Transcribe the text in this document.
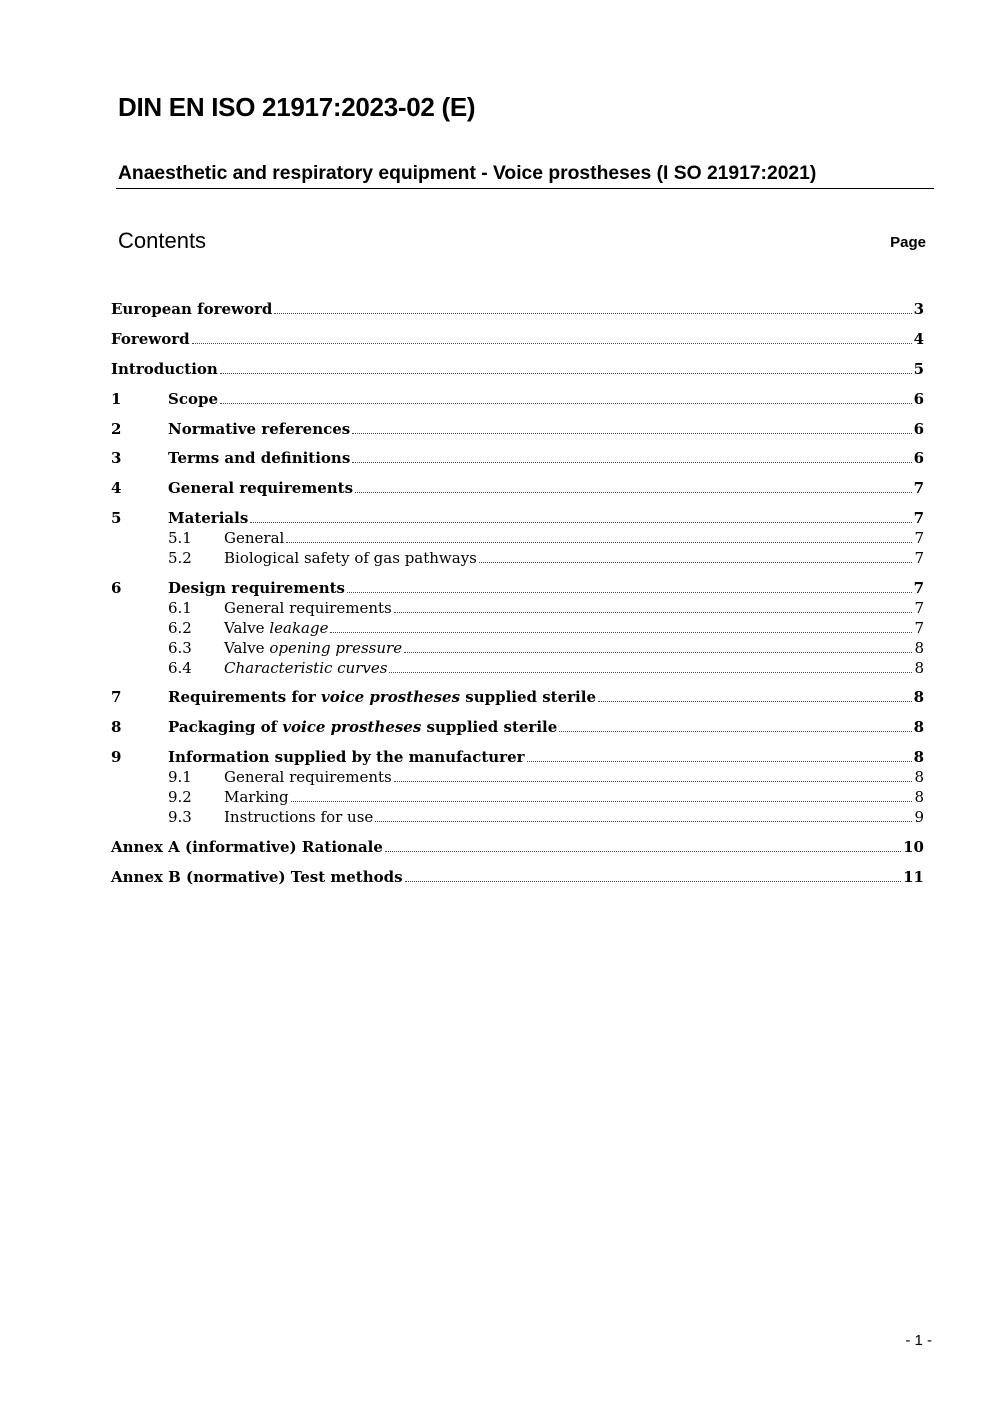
DIN EN ISO 21917:2023-02 (E)
Anaesthetic and respiratory equipment - Voice prostheses (I SO 21917:2021)
Contents	Page
European foreword	3
Foreword	4
Introduction	5
1	Scope	6
2	Normative references	6
3	Terms and definitions	6
4	General requirements	7
5	Materials	7
5.1	General	7
5.2	Biological safety of gas pathways	7
6	Design requirements	7
6.1	General requirements	7
6.2	Valve leakage	7
6.3	Valve opening pressure	8
6.4	Characteristic curves	8
7	Requirements for voice prostheses supplied sterile	8
8	Packaging of voice prostheses supplied sterile	8
9	Information supplied by the manufacturer	8
9.1	General requirements	8
9.2	Marking	8
9.3	Instructions for use	9
Annex A (informative) Rationale	10
Annex B (normative) Test methods	11
- 1 -
